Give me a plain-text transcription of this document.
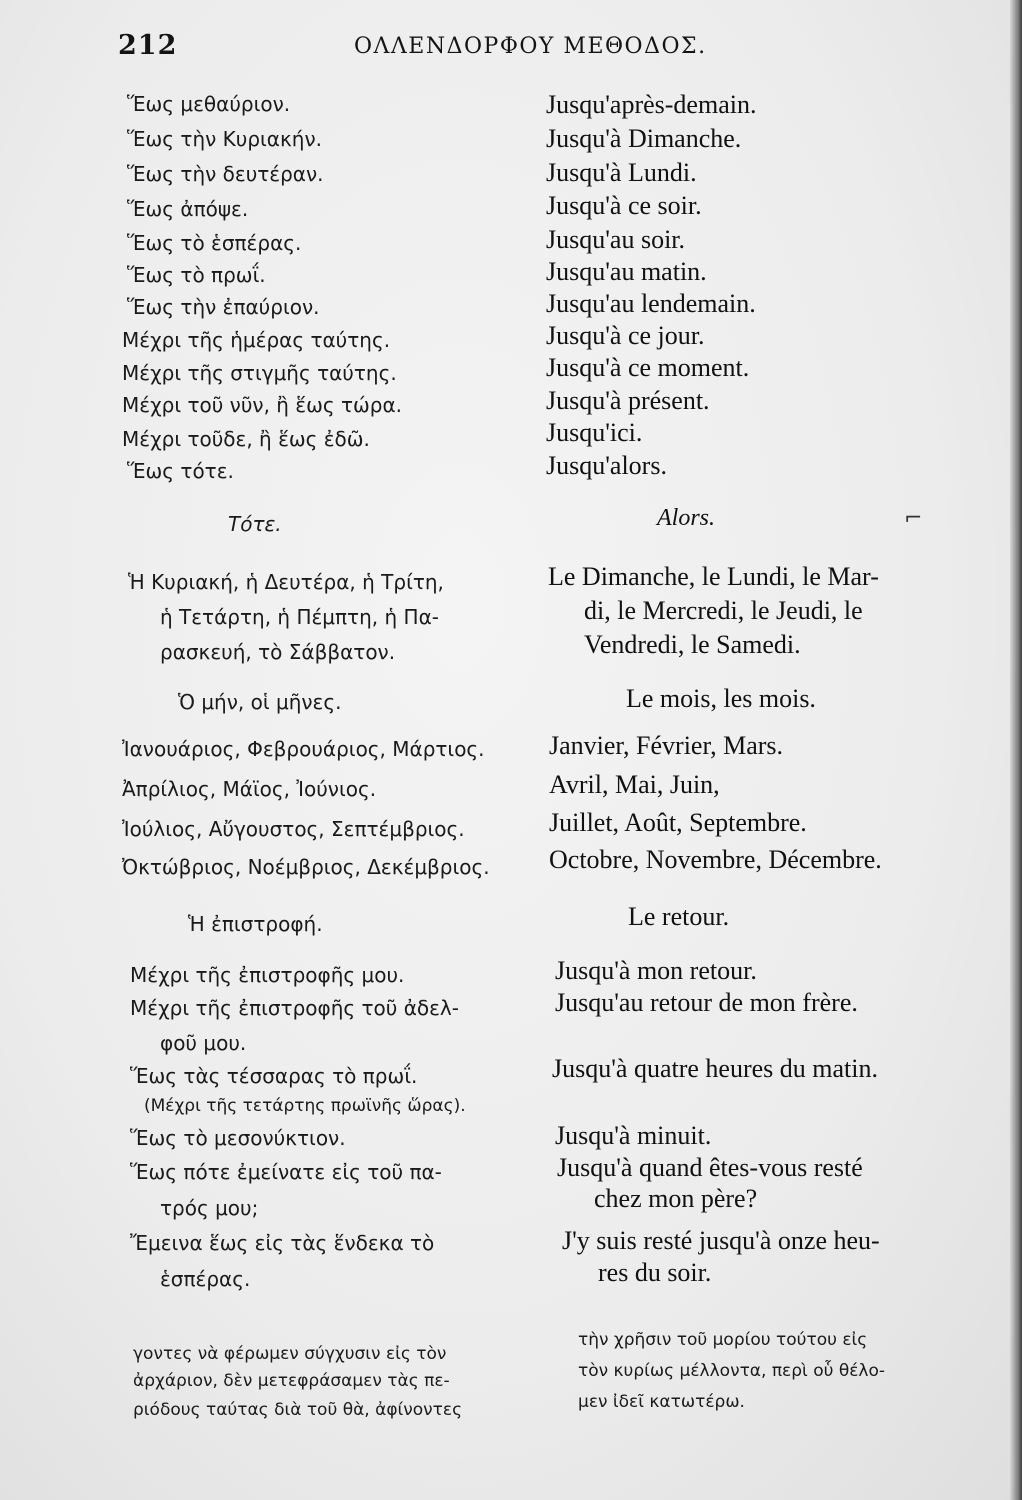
212	ΟΛΛΕΝΔΟΡΦΟΥ ΜΕΘΟΔΟΣ.
Ἕως μεθαύριον.
Ἕως τὴν Κυριακήν.
Ἕως τὴν δευτέραν.
Ἕως ἀπόψε.
Ἕως τὸ ἑσπέρας.
Ἕως τὸ πρωΐ.
Ἕως τὴν ἐπαύριον.
Μέχρι τῆς ἡμέρας ταύτης.
Μέχρι τῆς στιγμῆς ταύτης.
Μέχρι τοῦ νῦν, ἢ ἕως τώρα.
Μέχρι τοῦδε, ἢ ἕως ἐδῶ.
Ἕως τότε.
Jusqu'après-demain.
Jusqu'à Dimanche.
Jusqu'à Lundi.
Jusqu'à ce soir.
Jusqu'au soir.
Jusqu'au matin.
Jusqu'au lendemain.
Jusqu'à ce jour.
Jusqu'à ce moment.
Jusqu'à présent.
Jusqu'ici.
Jusqu'alors.
Τότε.	Alors.	⌐
Ἡ Κυριακή, ἡ Δευτέρα, ἡ Τρίτη,
ἡ Τετάρτη, ἡ Πέμπτη, ἡ Πα-
ρασκευή, τὸ Σάββατον.
Le Dimanche, le Lundi, le Mar-
di, le Mercredi, le Jeudi, le
Vendredi, le Samedi.
Ὁ μήν, οἱ μῆνες.	Le mois, les mois.
Ἰανουάριος, Φεβρουάριος, Μάρτιος.
Ἀπρίλιος, Μάϊος, Ἰούνιος.
Ἰούλιος, Αὔγουστος, Σεπτέμβριος.
Ὀκτώβριος, Νοέμβριος, Δεκέμβριος.
Janvier, Février, Mars.
Avril, Mai, Juin,
Juillet, Août, Septembre.
Octobre, Novembre, Décembre.
Ἡ ἐπιστροφή.	Le retour.
Μέχρι τῆς ἐπιστροφῆς μου.
Μέχρι τῆς ἐπιστροφῆς τοῦ ἀδελ-
φοῦ μου.
Ἕως τὰς τέσσαρας τὸ πρωΐ.
(Μέχρι τῆς τετάρτης πρωϊνῆς ὥρας).
Ἕως τὸ μεσονύκτιον.
Ἕως πότε ἐμείνατε εἰς τοῦ πα-
τρός μου;
Ἔμεινα ἕως εἰς τὰς ἕνδεκα τὸ
ἑσπέρας.
Jusqu'à mon retour.
Jusqu'au retour de mon frère.
Jusqu'à quatre heures du matin.
Jusqu'à minuit.
Jusqu'à quand êtes-vous resté
chez mon père?
J'y suis resté jusqu'à onze heu-
res du soir.
γοντες νὰ φέρωμεν σύγχυσιν εἰς τὸν
ἀρχάριον, δὲν μετεφράσαμεν τὰς πε-
ριόδους ταύτας διὰ τοῦ θὰ, ἀφίνοντες
τὴν χρῆσιν τοῦ μορίου τούτου εἰς
τὸν κυρίως μέλλοντα, περὶ οὗ θέλο-
μεν ἰδεῖ κατωτέρω.
